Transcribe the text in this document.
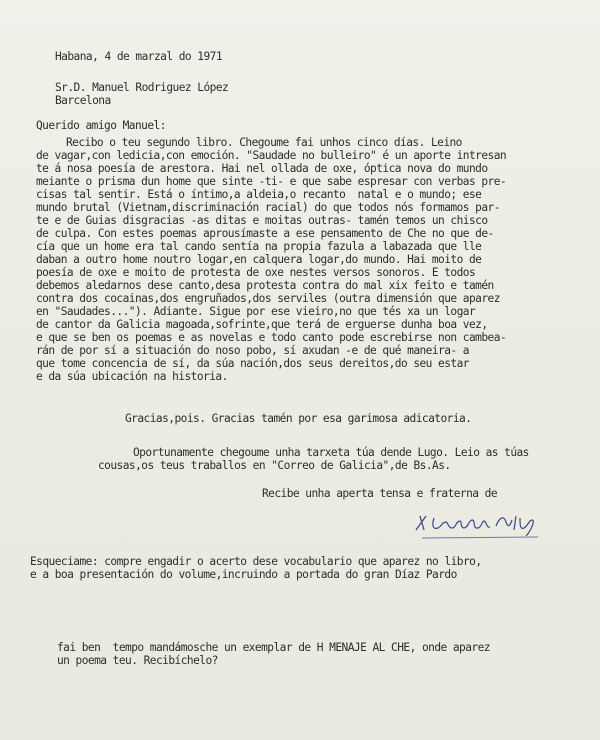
Habana, 4 de marzal do 1971
Sr.D. Manuel Rodriguez López
Barcelona
Querido amigo Manuel:
Recibo o teu segundo libro. Chegoume fai unhos cinco días. Leino
de vagar,con ledicia,con emoción. "Saudade no bulleiro" é un aporte intresan
te á nosa poesía de arestora. Hai nel ollada de oxe, óptica nova do mundo
meiante o prisma dun home que sinte -ti- e que sabe espresar con verbas pre-
cisas tal sentir. Está o íntimo,a aldeia,o recanto  natal e o mundo; ese
mundo brutal (Vietnam,discriminación racial) do que todos nós formamos par-
te e de Guias disgracias -as ditas e moitas outras- tamén temos un chisco
de culpa. Con estes poemas aprousímaste a ese pensamento de Che no que de-
cía que un home era tal cando sentía na propia fazula a labazada que lle
daban a outro home noutro logar,en calquera logar,do mundo. Hai moito de
poesía de oxe e moito de protesta de oxe nestes versos sonoros. E todos
debemos aledarnos dese canto,desa protesta contra do mal xix feito e tamén
contra dos cocainas,dos engruñados,dos serviles (outra dimensión que aparez
en "Saudades..."). Adiante. Sigue por ese vieiro,no que tés xa un logar
de cantor da Galicia magoada,sofrinte,que terá de erguerse dunha boa vez,
e que se ben os poemas e as novelas e todo canto pode escrebirse non cambea-
rán de por sí a situación do noso pobo, sí axudan -e de qué maneira- a
que tome concencia de sí, da súa nación,dos seus dereitos,do seu estar
e da súa ubicación na historia.
Gracias,pois. Gracias tamén por esa garimosa adicatoria.
Oportunamente chegoume unha tarxeta túa dende Lugo. Leio as túas
cousas,os teus traballos en "Correo de Galicia",de Bs.As.
Recibe unha aperta tensa e fraterna de
Esqueciame: compre engadir o acerto dese vocabulario que aparez no libro,
e a boa presentación do volume,incruindo a portada do gran Díaz Pardo
fai ben  tempo mandámosche un exemplar de H MENAJE AL CHE, onde aparez
un poema teu. Recibíchelo?
